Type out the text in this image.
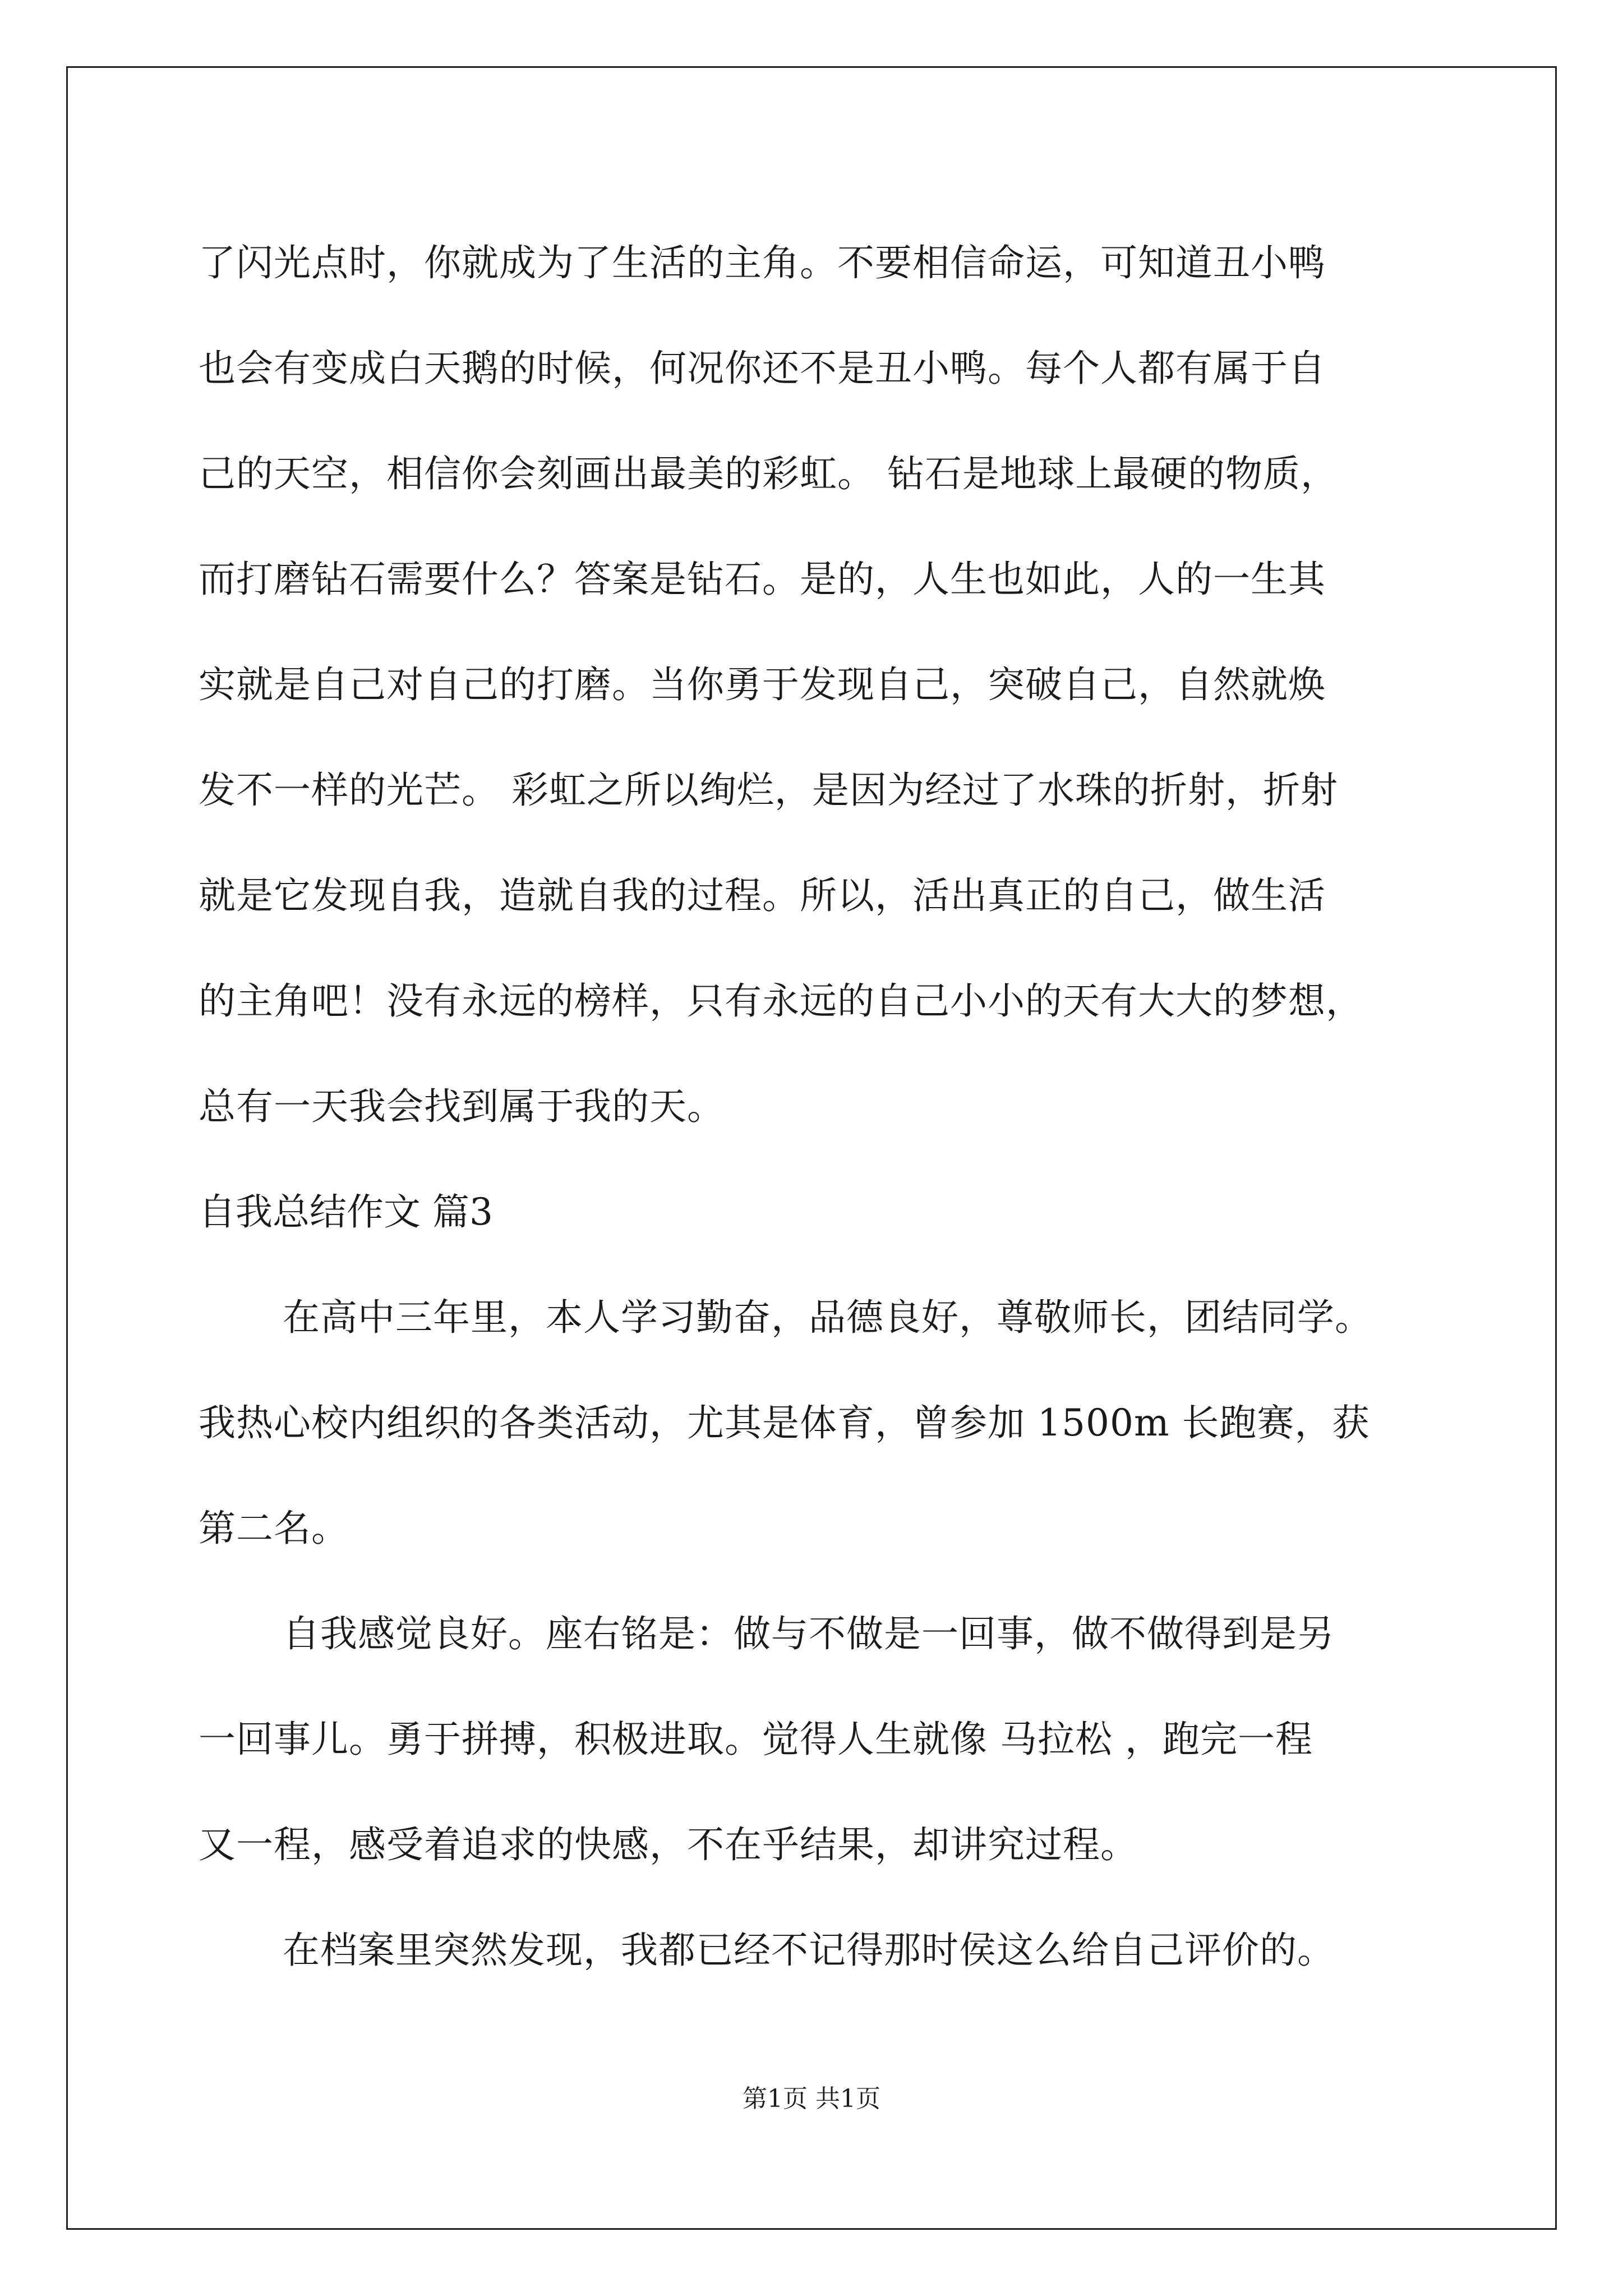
了闪光点时，你就成为了生活的主角。不要相信命运，可知道丑小鸭
也会有变成白天鹅的时候，何况你还不是丑小鸭。每个人都有属于自
己的天空，相信你会刻画出最美的彩虹。 钻石是地球上最硬的物质，
而打磨钻石需要什么？答案是钻石。是的，人生也如此，人的一生其
实就是自己对自己的打磨。当你勇于发现自己，突破自己，自然就焕
发不一样的光芒。 彩虹之所以绚烂，是因为经过了水珠的折射，折射
就是它发现自我，造就自我的过程。所以，活出真正的自己，做生活
的主角吧！没有永远的榜样，只有永远的自己小小的天有大大的梦想，
总有一天我会找到属于我的天。
自我总结作文 篇3
在高中三年里，本人学习勤奋，品德良好，尊敬师长，团结同学。
我热心校内组织的各类活动，尤其是体育，曾参加 1500m 长跑赛，获
第二名。
自我感觉良好。座右铭是：做与不做是一回事，做不做得到是另
一回事儿。勇于拼搏，积极进取。觉得人生就像 马拉松 ，跑完一程
又一程，感受着追求的快感，不在乎结果，却讲究过程。
在档案里突然发现，我都已经不记得那时侯这么给自己评价的。
第1页 共1页
